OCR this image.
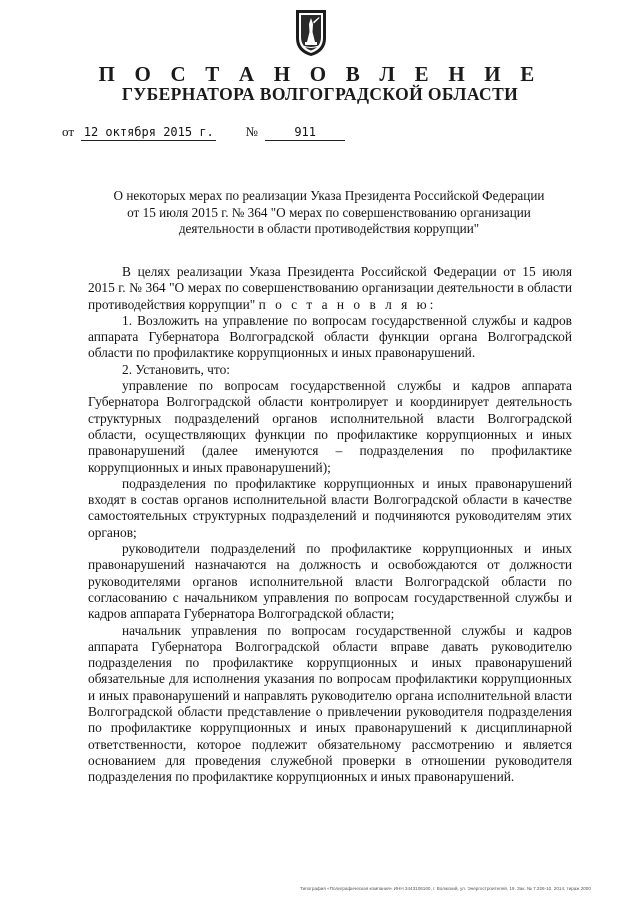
П О С Т А Н О В Л Е Н И Е
ГУБЕРНАТОРА ВОЛГОГРАДСКОЙ ОБЛАСТИ
от 12 октября 2015 г. №	911
О некоторых мерах по реализации Указа Президента Российской Федерации
от 15 июля 2015 г. № 364 "О мерах по совершенствованию организации
деятельности в области противодействия коррупции"

В целях реализации Указа Президента Российской Федерации от 15 июля 2015 г. № 364 "О мерах по совершенствованию организации деятельности в области противодействия коррупции" п о с т а н о в л я ю:

1. Возложить на управление по вопросам государственной службы и кадров аппарата Губернатора Волгоградской области функции органа Волгоградской области по профилактике коррупционных и иных правонарушений.

2. Установить, что:

управление по вопросам государственной службы и кадров аппарата Губернатора Волгоградской области контролирует и координирует деятельность структурных подразделений органов исполнительной власти Волгоградской области, осуществляющих функции по профилактике коррупционных и иных правонарушений (далее именуются – подразделения по профилактике коррупционных и иных правонарушений);

подразделения по профилактике коррупционных и иных правонарушений входят в состав органов исполнительной власти Волгоградской области в качестве самостоятельных структурных подразделений и подчиняются руководителям этих органов;

руководители подразделений по профилактике коррупционных и иных правонарушений назначаются на должность и освобождаются от должности руководителями органов исполнительной власти Волгоградской области по согласованию с начальником управления по вопросам государственной службы и кадров аппарата Губернатора Волгоградской области;

начальник управления по вопросам государственной службы и кадров аппарата Губернатора Волгоградской области вправе давать руководителю подразделения по профилактике коррупционных и иных правонарушений обязательные для исполнения указания по вопросам профилактики коррупционных и иных правонарушений и направлять руководителю органа исполнительной власти Волгоградской области представление о привлечении руководителя подразделения по профилактике коррупционных и иных правонарушений к дисциплинарной ответственности, которое подлежит обязательному рассмотрению и является основанием для проведения служебной проверки в отношении руководителя подразделения по профилактике коррупционных и иных правонарушений.

Типография «Полиграфическая компания» ИНН 3443106160, г. Волжский, ул. Энергостроителей, 19. Зак. № 7.326-10. 2014, тираж 2000
